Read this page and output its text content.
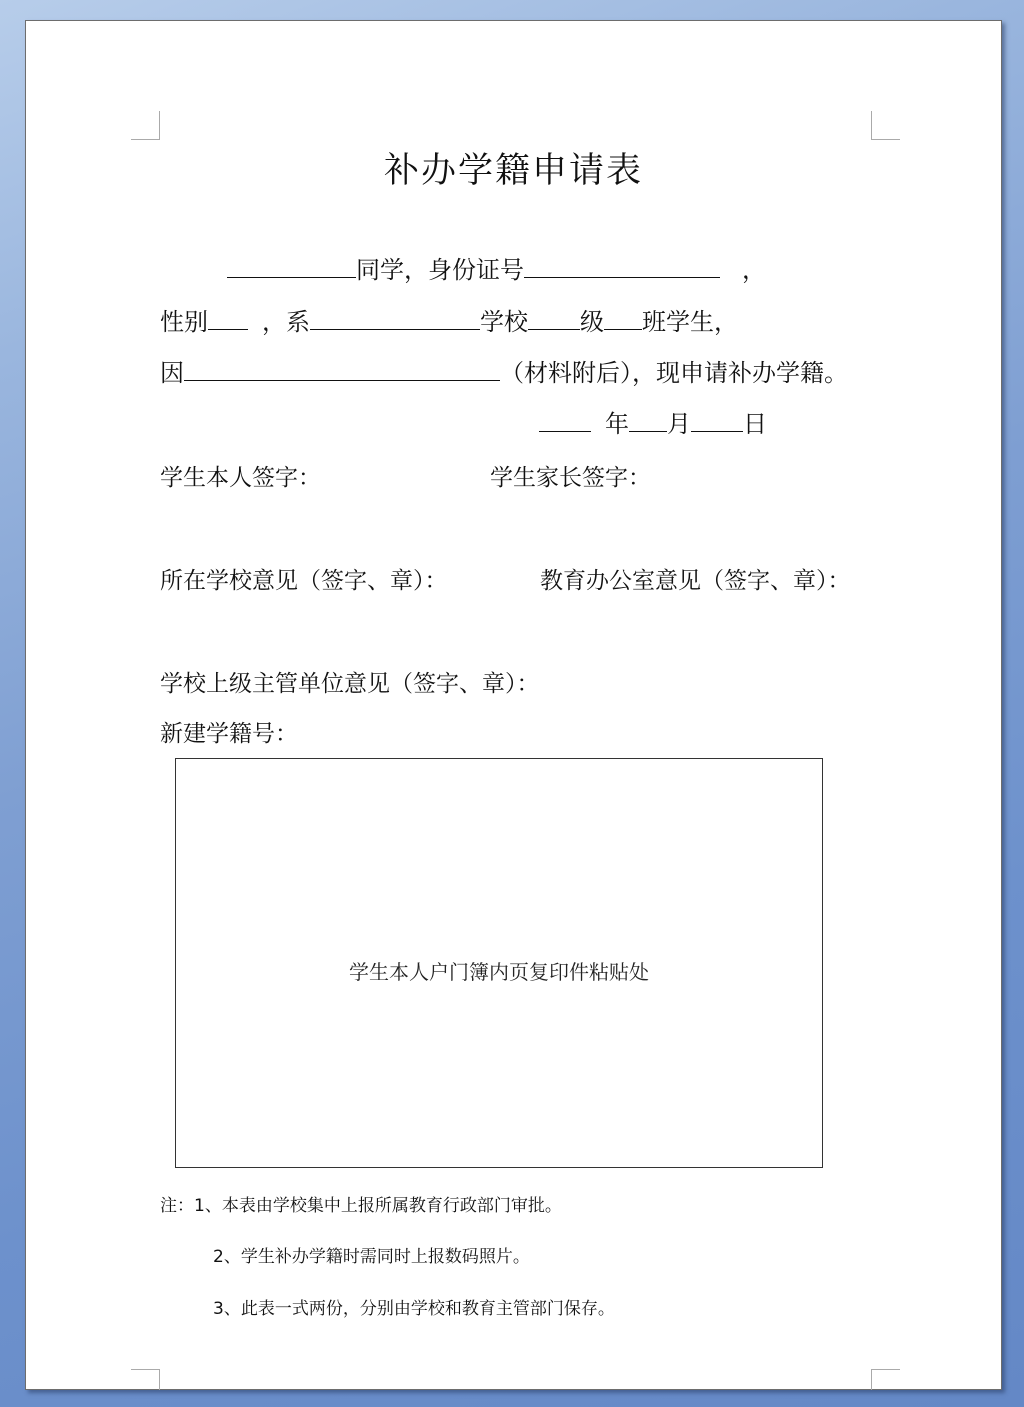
补办学籍申请表
同学，身份证号	，
性别 ，系	学校 级 班学生，
因	（材料附后），现申请补办学籍。
年 月 日
学生本人签字：	学生家长签字：
所在学校意见（签字、章）：	教育办公室意见（签字、章）：
学校上级主管单位意见（签字、章）：
新建学籍号：
学生本人户门簿内页复印件粘贴处
注：1、本表由学校集中上报所属教育行政部门审批。
2、学生补办学籍时需同时上报数码照片。
3、此表一式两份，分别由学校和教育主管部门保存。
